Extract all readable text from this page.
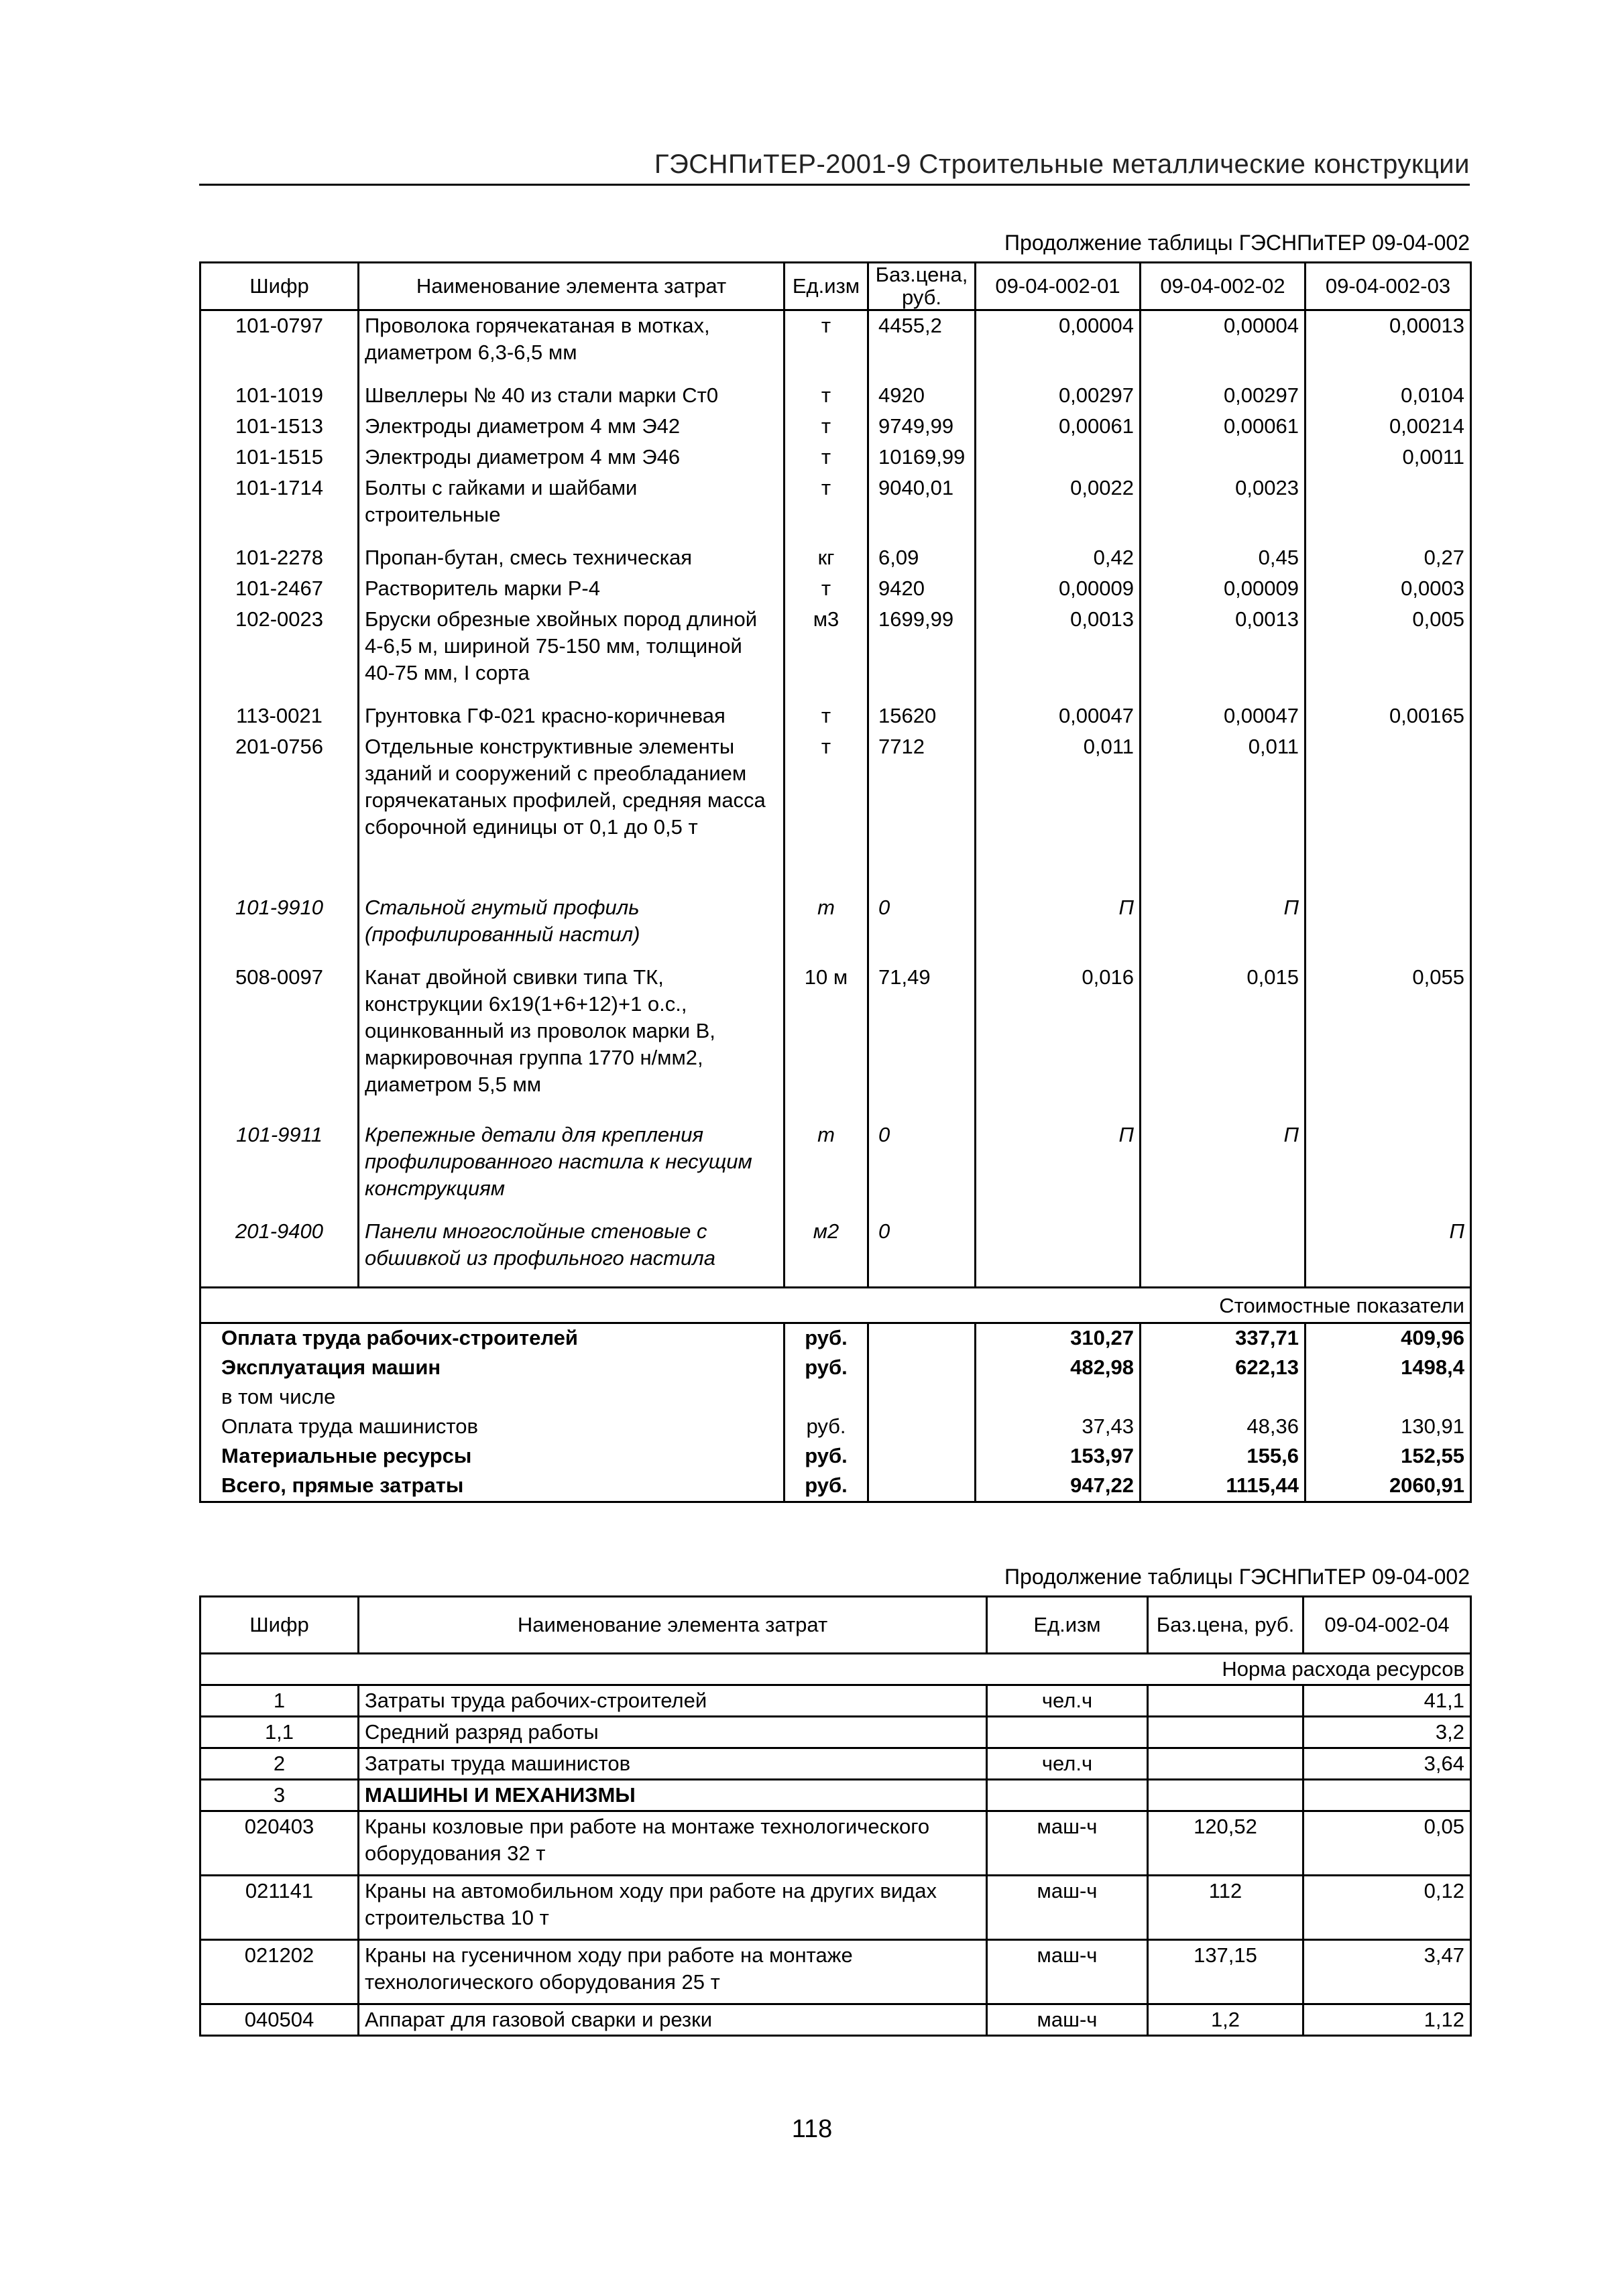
ГЭСНПиТЕР-2001-9 Строительные металлические конструкции
Продолжение таблицы ГЭСНПиТЕР 09-04-002
Шифр	Наименование элемента затрат	Ед.изм	Баз.цена, руб.	09-04-002-01	09-04-002-02	09-04-002-03
101-0797	Проволока горячекатаная в мотках, диаметром 6,3-6,5 мм	т	4455,2	0,00004	0,00004	0,00013
101-1019	Швеллеры № 40 из стали марки Ст0	т	4920	0,00297	0,00297	0,0104
101-1513	Электроды диаметром 4 мм Э42	т	9749,99	0,00061	0,00061	0,00214
101-1515	Электроды диаметром 4 мм Э46	т	10169,99			0,0011
101-1714	Болты с гайками и шайбами строительные	т	9040,01	0,0022	0,0023	
101-2278	Пропан-бутан, смесь техническая	кг	6,09	0,42	0,45	0,27
101-2467	Растворитель марки Р-4	т	9420	0,00009	0,00009	0,0003
102-0023	Бруски обрезные хвойных пород длиной 4-6,5 м, шириной 75-150 мм, толщиной 40-75 мм, I сорта	м3	1699,99	0,0013	0,0013	0,005
113-0021	Грунтовка ГФ-021 красно-коричневая	т	15620	0,00047	0,00047	0,00165
201-0756	Отдельные конструктивные элементы зданий и сооружений с преобладанием горячекатаных профилей, средняя масса сборочной единицы от 0,1 до 0,5 т	т	7712	0,011	0,011	
101-9910	Стальной гнутый профиль (профилированный настил)	m	0	П	П	
508-0097	Канат двойной свивки типа ТК, конструкции 6х19(1+6+12)+1 о.с., оцинкованный из проволок марки В, маркировочная группа 1770 н/мм2, диаметром 5,5 мм	10 м	71,49	0,016	0,015	0,055
101-9911	Крепежные детали для крепления профилированного настила к несущим конструкциям	m	0	П	П	
201-9400	Панели многослойные стеновые с обшивкой из профильного настила	м2	0			П
Стоимостные показатели						
Оплата труда рабочих-строителей		руб.		310,27	337,71	409,96
Эксплуатация машин		руб.		482,98	622,13	1498,4
в том числе						
Оплата труда машинистов		руб.		37,43	48,36	130,91
Материальные ресурсы		руб.		153,97	155,6	152,55
Всего, прямые затраты		руб.		947,22	1115,44	2060,91
Продолжение таблицы ГЭСНПиТЕР 09-04-002
Шифр	Наименование элемента затрат	Ед.изм	Баз.цена, руб.	09-04-002-04
Норма расхода ресурсов				
1	Затраты труда рабочих-строителей	чел.ч		41,1
1,1	Средний разряд работы			3,2
2	Затраты труда машинистов	чел.ч		3,64
3	МАШИНЫ И МЕХАНИЗМЫ			
020403	Краны козловые при работе на монтаже технологического оборудования 32 т	маш-ч	120,52	0,05
021141	Краны на автомобильном ходу при работе на других видах строительства 10 т	маш-ч	112	0,12
021202	Краны на гусеничном ходу при работе на монтаже технологического оборудования 25 т	маш-ч	137,15	3,47
040504	Аппарат для газовой сварки и резки	маш-ч	1,2	1,12
118
